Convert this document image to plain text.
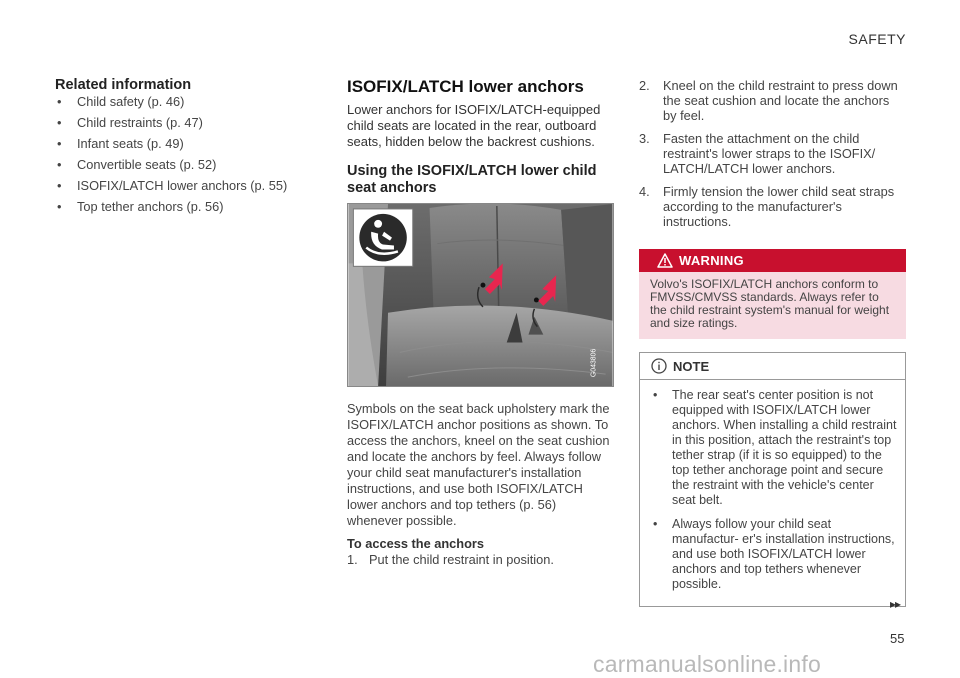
SAFETY
Related information
• Child safety (p. 46)
• Child restraints (p. 47)
• Infant seats (p. 49)
• Convertible seats (p. 52)
• ISOFIX/LATCH lower anchors (p. 55)
• Top tether anchors (p. 56)
ISOFIX/LATCH lower anchors

Lower anchors for ISOFIX/LATCH-equipped child seats are located in the rear, outboard seats, hidden below the backrest cushions.

Using the ISOFIX/LATCH lower child seat anchors
G043806

Symbols on the seat back upholstery mark the ISOFIX/LATCH anchor positions as shown. To access the anchors, kneel on the seat cushion and locate the anchors by feel. Always follow your child seat manufacturer's installation instructions, and use both ISOFIX/LATCH lower anchors and top tethers (p. 56) whenever possible.

To access the anchors
1. Put the child restraint in position.
2. Kneel on the child restraint to press down the seat cushion and locate the anchors by feel.
3. Fasten the attachment on the child restraint's lower straps to the ISOFIX/ LATCH/LATCH lower anchors.
4. Firmly tension the lower child seat straps according to the manufacturer's instructions.
WARNING
Volvo's ISOFIX/LATCH anchors conform to FMVSS/CMVSS standards. Always refer to the child restraint system's manual for weight and size ratings.
NOTE
• The rear seat's center position is not equipped with ISOFIX/LATCH lower anchors. When installing a child restraint in this position, attach the restraint's top tether strap (if it is so equipped) to the top tether anchorage point and secure the restraint with the vehicle's center seat belt.
• Always follow your child seat manufactur- er's installation instructions, and use both ISOFIX/LATCH lower anchors and top tethers whenever possible.
▸▸
55
carmanualsonline.info
